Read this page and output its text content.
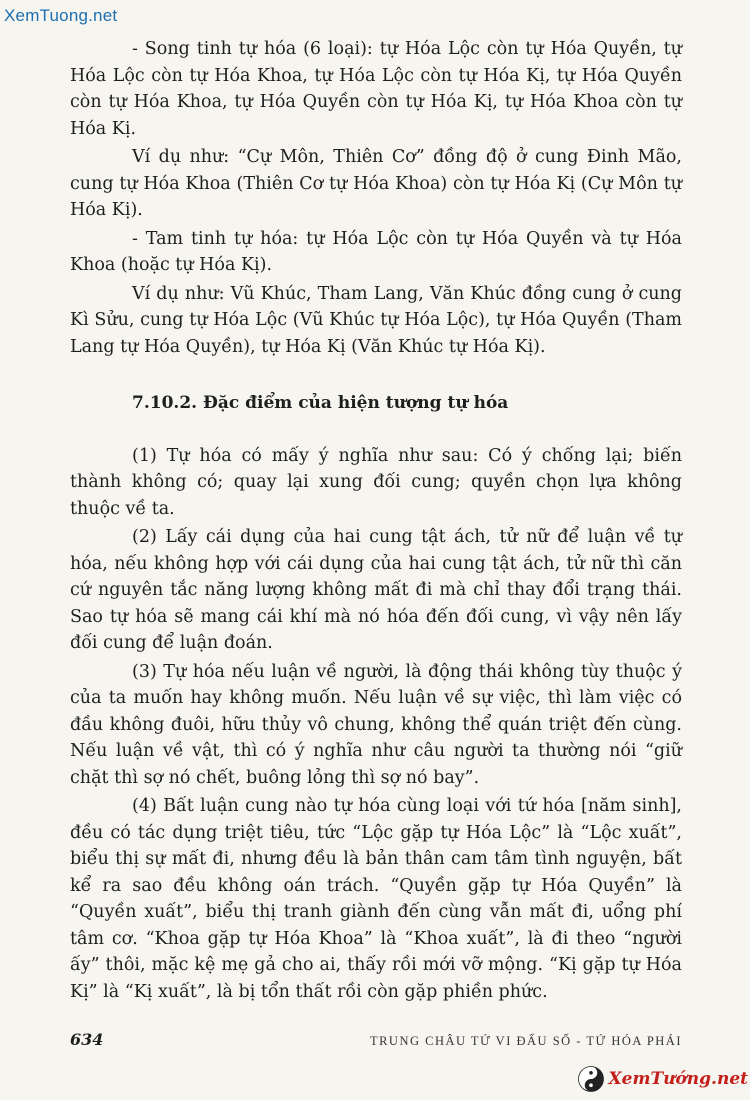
XemTuong.net

- Song tinh tự hóa (6 loại): tự Hóa Lộc còn tự Hóa Quyền, tự Hóa Lộc còn tự Hóa Khoa, tự Hóa Lộc còn tự Hóa Kị, tự Hóa Quyền còn tự Hóa Khoa, tự Hóa Quyền còn tự Hóa Kị, tự Hóa Khoa còn tự Hóa Kị.

Ví dụ như: “Cự Môn, Thiên Cơ” đồng độ ở cung Đinh Mão, cung tự Hóa Khoa (Thiên Cơ tự Hóa Khoa) còn tự Hóa Kị (Cự Môn tự Hóa Kị).

- Tam tinh tự hóa: tự Hóa Lộc còn tự Hóa Quyền và tự Hóa Khoa (hoặc tự Hóa Kị).

Ví dụ như: Vũ Khúc, Tham Lang, Văn Khúc đồng cung ở cung Kì Sửu, cung tự Hóa Lộc (Vũ Khúc tự Hóa Lộc), tự Hóa Quyền (Tham Lang tự Hóa Quyền), tự Hóa Kị (Văn Khúc tự Hóa Kị).

7.10.2. Đặc điểm của hiện tượng tự hóa

(1) Tự hóa có mấy ý nghĩa như sau: Có ý chống lại; biến thành không có; quay lại xung đối cung; quyền chọn lựa không thuộc về ta.

(2) Lấy cái dụng của hai cung tật ách, tử nữ để luận về tự hóa, nếu không hợp với cái dụng của hai cung tật ách, tử nữ thì căn cứ nguyên tắc năng lượng không mất đi mà chỉ thay đổi trạng thái. Sao tự hóa sẽ mang cái khí mà nó hóa đến đối cung, vì vậy nên lấy đối cung để luận đoán.

(3) Tự hóa nếu luận về người, là động thái không tùy thuộc ý của ta muốn hay không muốn. Nếu luận về sự việc, thì làm việc có đầu không đuôi, hữu thủy vô chung, không thể quán triệt đến cùng. Nếu luận về vật, thì có ý nghĩa như câu người ta thường nói “giữ chặt thì sợ nó chết, buông lỏng thì sợ nó bay”.

(4) Bất luận cung nào tự hóa cùng loại với tứ hóa [năm sinh], đều có tác dụng triệt tiêu, tức “Lộc gặp tự Hóa Lộc” là “Lộc xuất”, biểu thị sự mất đi, nhưng đều là bản thân cam tâm tình nguyện, bất kể ra sao đều không oán trách. “Quyền gặp tự Hóa Quyền” là “Quyền xuất”, biểu thị tranh giành đến cùng vẫn mất đi, uổng phí tâm cơ. “Khoa gặp tự Hóa Khoa” là “Khoa xuất”, là đi theo “người ấy” thôi, mặc kệ mẹ gả cho ai, thấy rồi mới vỡ mộng. “Kị gặp tự Hóa Kị” là “Kị xuất”, là bị tổn thất rồi còn gặp phiền phức.

634	TRUNG CHÂU TỨ VI ĐẨU SỐ - TỨ HÓA PHÁI
XemTướng.net
